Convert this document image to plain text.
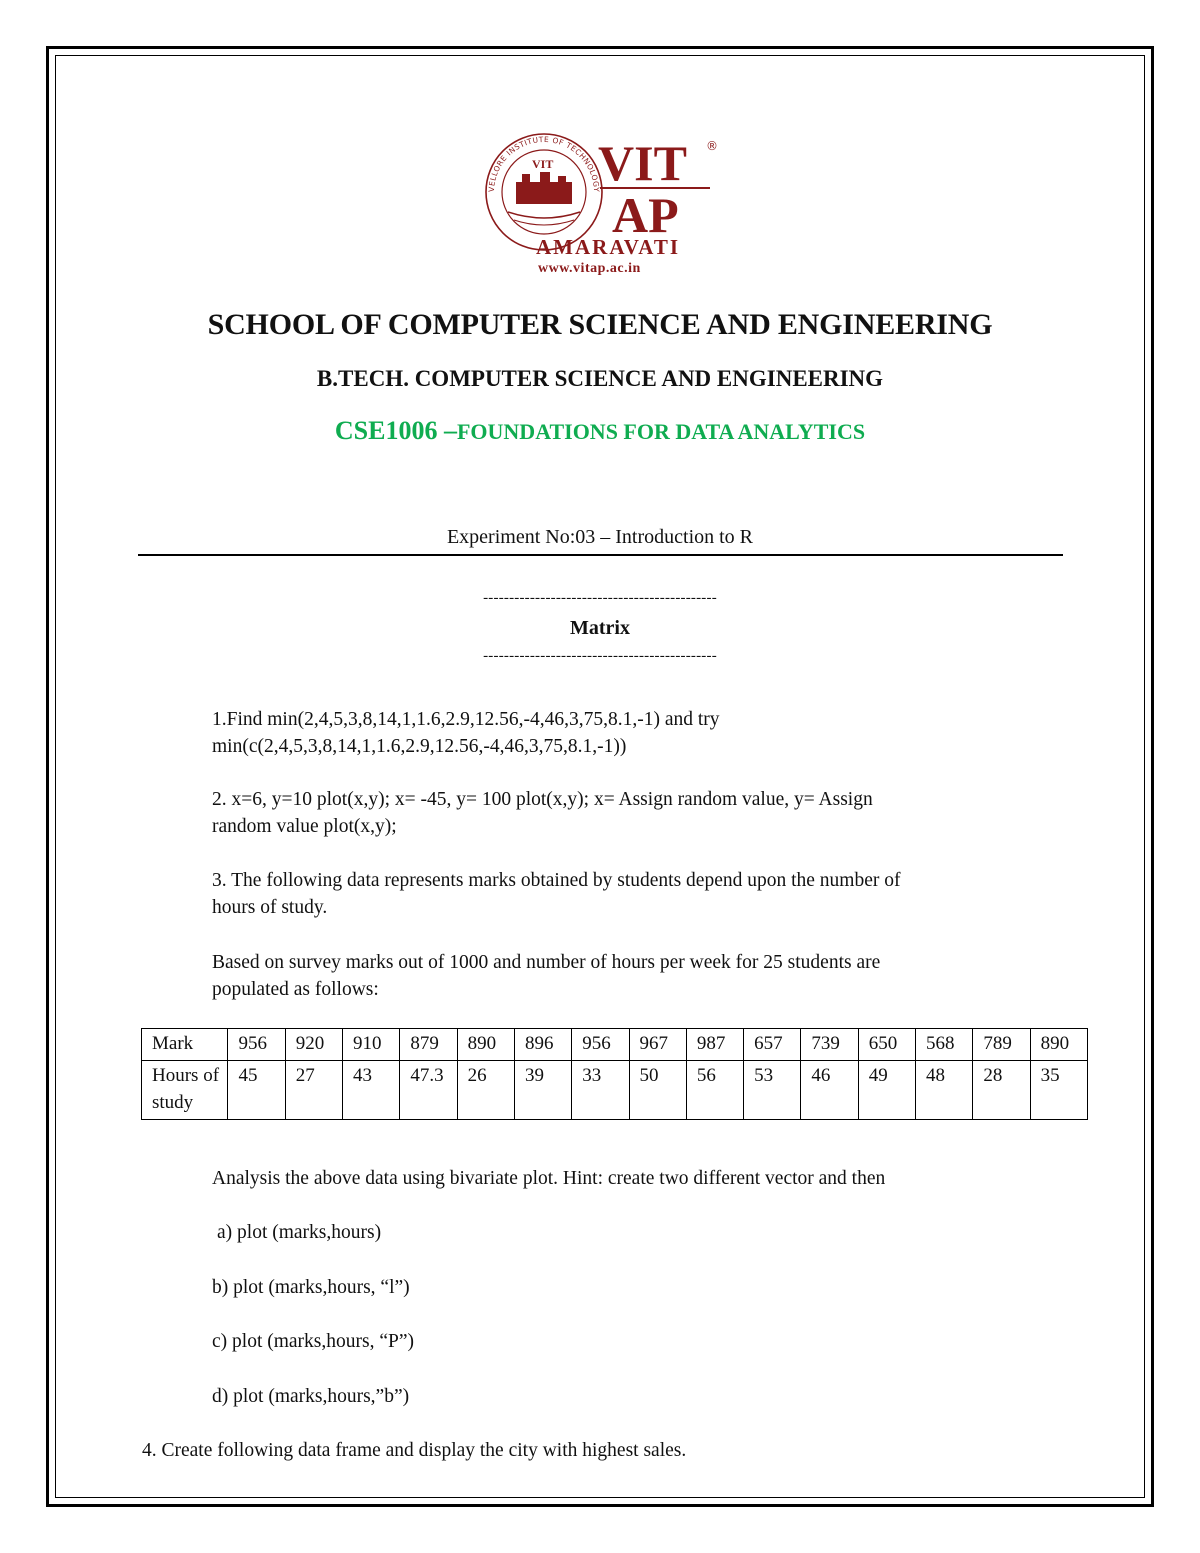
VELLORE INSTITUTE OF TECHNOLOGY
VIT VIT ®
AP
AMARAVATI
www.vitap.ac.in
SCHOOL OF COMPUTER SCIENCE AND ENGINEERING
B.TECH. COMPUTER SCIENCE AND ENGINEERING
CSE1006 –FOUNDATIONS FOR DATA ANALYTICS
Experiment No:03 – Introduction to R
---------------------------------------------
Matrix
---------------------------------------------
1.Find min(2,4,5,3,8,14,1,1.6,2.9,12.56,-4,46,3,75,8.1,-1) and try
min(c(2,4,5,3,8,14,1,1.6,2.9,12.56,-4,46,3,75,8.1,-1))
2. x=6, y=10 plot(x,y); x= -45, y= 100 plot(x,y); x= Assign random value, y= Assign
random value plot(x,y);
3. The following data represents marks obtained by students depend upon the number of
hours of study.
Based on survey marks out of 1000 and number of hours per week for 25 students are
populated as follows:
Mark	956	920	910	879	890	896	956	967	987	657	739	650	568	789	890
Hours of study	45	27	43	47.3	26	39	33	50	56	53	46	49	48	28	35
Analysis the above data using bivariate plot. Hint: create two different vector and then
a) plot (marks,hours)
b) plot (marks,hours, “l”)
c) plot (marks,hours, “P”)
d) plot (marks,hours,”b”)
4. Create following data frame and display the city with highest sales.
